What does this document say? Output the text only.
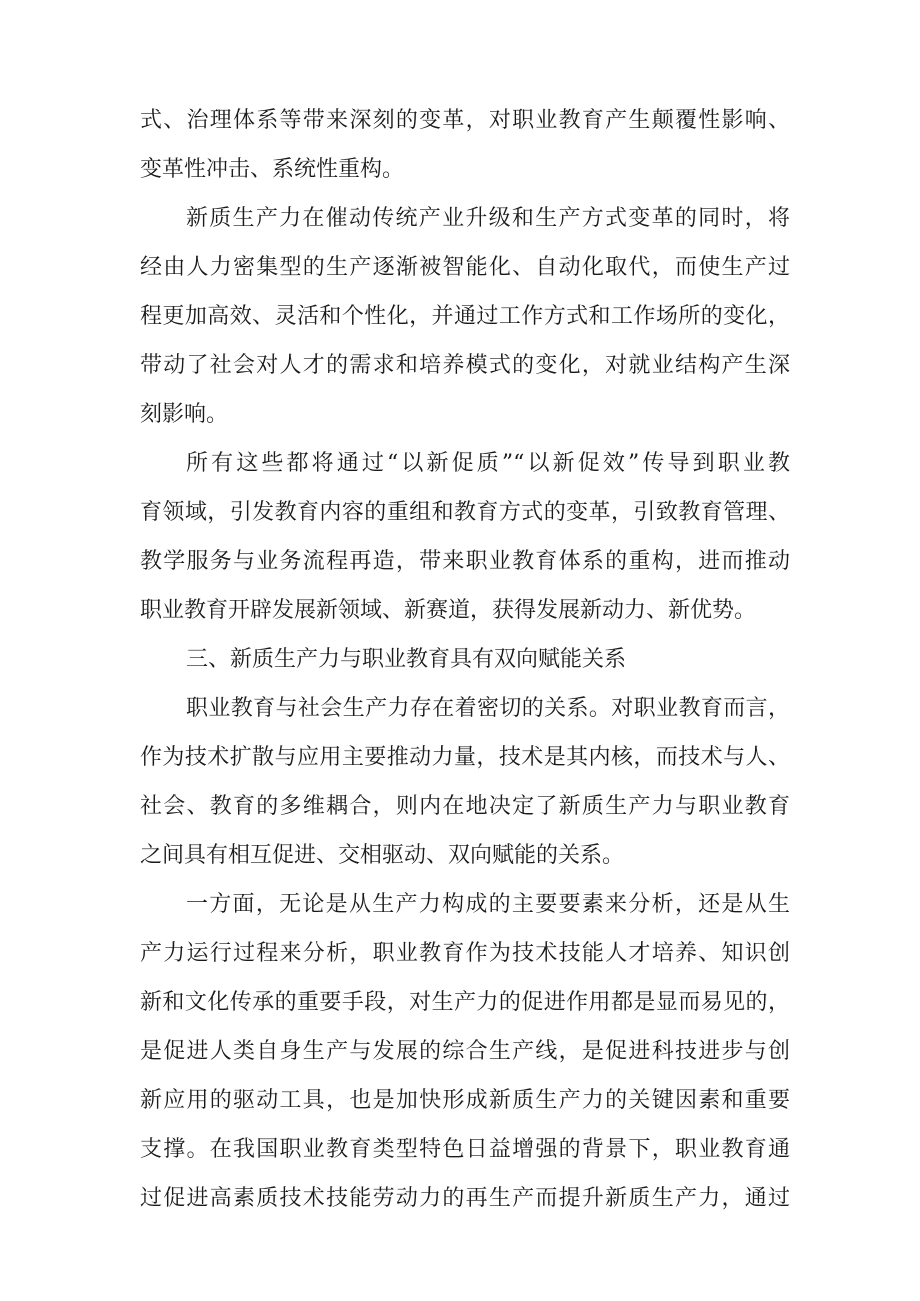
式、治理体系等带来深刻的变革，对职业教育产生颠覆性影响、
变革性冲击、系统性重构。
新质生产力在催动传统产业升级和生产方式变革的同时，将
经由人力密集型的生产逐渐被智能化、自动化取代，而使生产过
程更加高效、灵活和个性化，并通过工作方式和工作场所的变化，
带动了社会对人才的需求和培养模式的变化，对就业结构产生深
刻影响。
所有这些都将通过“以新促质”“以新促效”传导到职业教
育领域，引发教育内容的重组和教育方式的变革，引致教育管理、
教学服务与业务流程再造，带来职业教育体系的重构，进而推动
职业教育开辟发展新领域、新赛道，获得发展新动力、新优势。
三、新质生产力与职业教育具有双向赋能关系
职业教育与社会生产力存在着密切的关系。对职业教育而言，
作为技术扩散与应用主要推动力量，技术是其内核，而技术与人、
社会、教育的多维耦合，则内在地决定了新质生产力与职业教育
之间具有相互促进、交相驱动、双向赋能的关系。
一方面，无论是从生产力构成的主要要素来分析，还是从生
产力运行过程来分析，职业教育作为技术技能人才培养、知识创
新和文化传承的重要手段，对生产力的促进作用都是显而易见的，
是促进人类自身生产与发展的综合生产线，是促进科技进步与创
新应用的驱动工具，也是加快形成新质生产力的关键因素和重要
支撑。在我国职业教育类型特色日益增强的背景下，职业教育通
过促进高素质技术技能劳动力的再生产而提升新质生产力，通过
